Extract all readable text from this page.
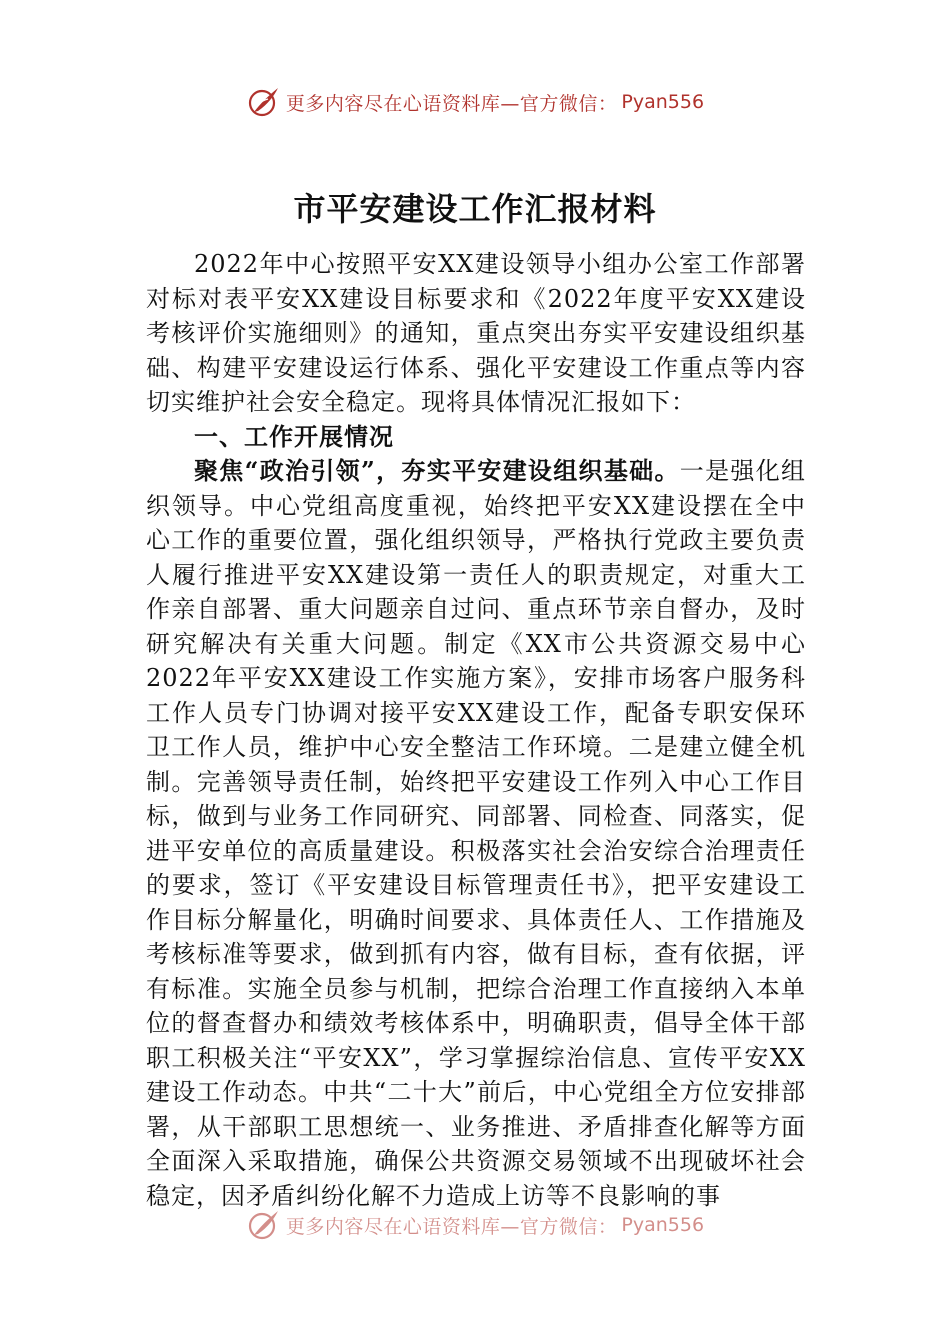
更多内容尽在心语资料库—官方微信： Pyan556
市平安建设工作汇报材料

2022年中心按照平安XX建设领导小组办公室工作部署对标对表平安XX建设目标要求和《2022年度平安XX建设考核评价实施细则》的通知，重点突出夯实平安建设组织基础、构建平安建设运行体系、强化平安建设工作重点等内容切实维护社会安全稳定。现将具体情况汇报如下：

一、工作开展情况

聚焦“政治引领”，夯实平安建设组织基础。一是强化组织领导。中心党组高度重视，始终把平安XX建设摆在全中心工作的重要位置，强化组织领导，严格执行党政主要负责人履行推进平安XX建设第一责任人的职责规定，对重大工作亲自部署、重大问题亲自过问、重点环节亲自督办，及时研究解决有关重大问题。制定《XX市公共资源交易中心2022年平安XX建设工作实施方案》，安排市场客户服务科工作人员专门协调对接平安XX建设工作，配备专职安保环卫工作人员，维护中心安全整洁工作环境。二是建立健全机制。完善领导责任制，始终把平安建设工作列入中心工作目标，做到与业务工作同研究、同部署、同检查、同落实，促进平安单位的高质量建设。积极落实社会治安综合治理责任的要求，签订《平安建设目标管理责任书》，把平安建设工作目标分解量化，明确时间要求、具体责任人、工作措施及考核标准等要求，做到抓有内容，做有目标，查有依据，评有标准。实施全员参与机制，把综合治理工作直接纳入本单位的督查督办和绩效考核体系中，明确职责，倡导全体干部职工积极关注“平安XX”，学习掌握综治信息、宣传平安XX建设工作动态。中共“二十大”前后，中心党组全方位安排部署，从干部职工思想统一、业务推进、矛盾排查化解等方面全面深入采取措施，确保公共资源交易领域不出现破坏社会稳定，因矛盾纠纷化解不力造成上访等不良影响的事

更多内容尽在心语资料库—官方微信： Pyan556
